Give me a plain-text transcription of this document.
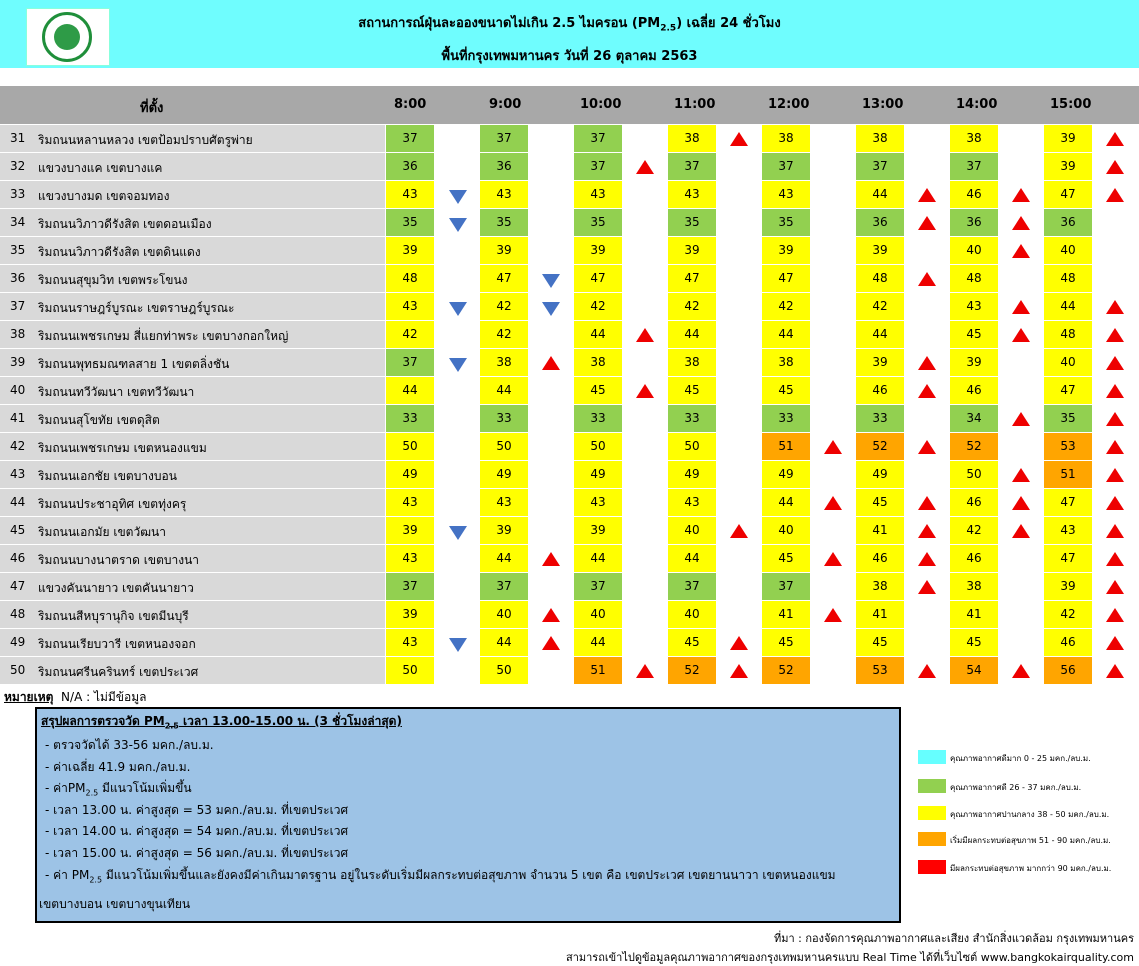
สถานการณ์ฝุ่นละอองขนาดไม่เกิน 2.5 ไมครอน $(PM_{2.5})$ เฉลี่ย 24 ชั่วโมง
พื้นที่กรุงเทพมหานคร วันที่ 26 ตุลาคม 2563
ที่ตั้ง	8:00	9:00	10:00	11:00	12:00	13:00	14:00	15:00
31 ริมถนนหลานหลวง เขตป้อมปราบศัตรูพ่าย	37	37	37	38	38	38	38	39
32 แขวงบางแค เขตบางแค	36	36	37	37	37	37	37	39
33 แขวงบางมด เขตจอมทอง	43	43	43	43	43	44	46	47
34 ริมถนนวิภาวดีรังสิต เขตดอนเมือง	35	35	35	35	35	36	36	36
35 ริมถนนวิภาวดีรังสิต เขตดินแดง	39	39	39	39	39	39	40	40
36 ริมถนนสุขุมวิท เขตพระโขนง	48	47	47	47	47	48	48	48
37 ริมถนนราษฎร์บูรณะ เขตราษฎร์บูรณะ	43	42	42	42	42	42	43	44
38 ริมถนนเพชรเกษม สี่แยกท่าพระ เขตบางกอกใหญ่	42	42	44	44	44	44	45	48
39 ริมถนนพุทธมณฑลสาย 1 เขตตลิ่งชัน	37	38	38	38	38	39	39	40
40 ริมถนนทวีวัฒนา เขตทวีวัฒนา	44	44	45	45	45	46	46	47
41 ริมถนนสุโขทัย เขตดุสิต	33	33	33	33	33	33	34	35
42 ริมถนนเพชรเกษม เขตหนองแขม	50	50	50	50	51	52	52	53
43 ริมถนนเอกชัย เขตบางบอน	49	49	49	49	49	49	50	51
44 ริมถนนประชาอุทิศ เขตทุ่งครุ	43	43	43	43	44	45	46	47
45 ริมถนนเอกมัย เขตวัฒนา	39	39	39	40	40	41	42	43
46 ริมถนนบางนาตราด เขตบางนา	43	44	44	44	45	46	46	47
47 แขวงคันนายาว เขตคันนายาว	37	37	37	37	37	38	38	39
48 ริมถนนสีหบุรานุกิจ เขตมีนบุรี	39	40	40	40	41	41	41	42
49 ริมถนนเรียบวารี เขตหนองจอก	43	44	44	45	45	45	45	46
50 ริมถนนศรีนครินทร์ เขตประเวศ	50	50	51	52	52	53	54	56
หมายเหตุ N/A : ไม่มีข้อมูล
สรุปผลการตรวจวัด $PM_{2.5}$ เวลา 13.00-15.00 น. (3 ชั่วโมงล่าสุด)
- ตรวจวัดได้ 33-56 มคก./ลบ.ม.
- ค่าเฉลี่ย 41.9 มคก./ลบ.ม.
- ค่า$PM_{2.5}$ มีแนวโน้มเพิ่มขึ้น
- เวลา 13.00 น. ค่าสูงสุด = 53 มคก./ลบ.ม. ที่เขตประเวศ
- เวลา 14.00 น. ค่าสูงสุด = 54 มคก./ลบ.ม. ที่เขตประเวศ
- เวลา 15.00 น. ค่าสูงสุด = 56 มคก./ลบ.ม. ที่เขตประเวศ
- ค่า $PM_{2.5}$ มีแนวโน้มเพิ่มขึ้นและยังคงมีค่าเกินมาตรฐาน อยู่ในระดับเริ่มมีผลกระทบต่อสุขภาพ จำนวน 5 เขต คือ เขตประเวศ เขตยานนาวา เขตหนองแขม
เขตบางบอน เขตบางขุนเทียน
คุณภาพอากาศดีมาก 0 - 25 มคก./ลบ.ม.
คุณภาพอากาศดี 26 - 37 มคก./ลบ.ม.
คุณภาพอากาศปานกลาง 38 - 50 มคก./ลบ.ม.
เริ่มมีผลกระทบต่อสุขภาพ 51 - 90 มคก./ลบ.ม.
มีผลกระทบต่อสุขภาพ มากกว่า 90 มคก./ลบ.ม.
ที่มา : กองจัดการคุณภาพอากาศและเสียง สำนักสิ่งแวดล้อม กรุงเทพมหานคร
สามารถเข้าไปดูข้อมูลคุณภาพอากาศของกรุงเทพมหานครแบบ Real Time ได้ที่เว็บไซต์ www.bangkokairquality.com
